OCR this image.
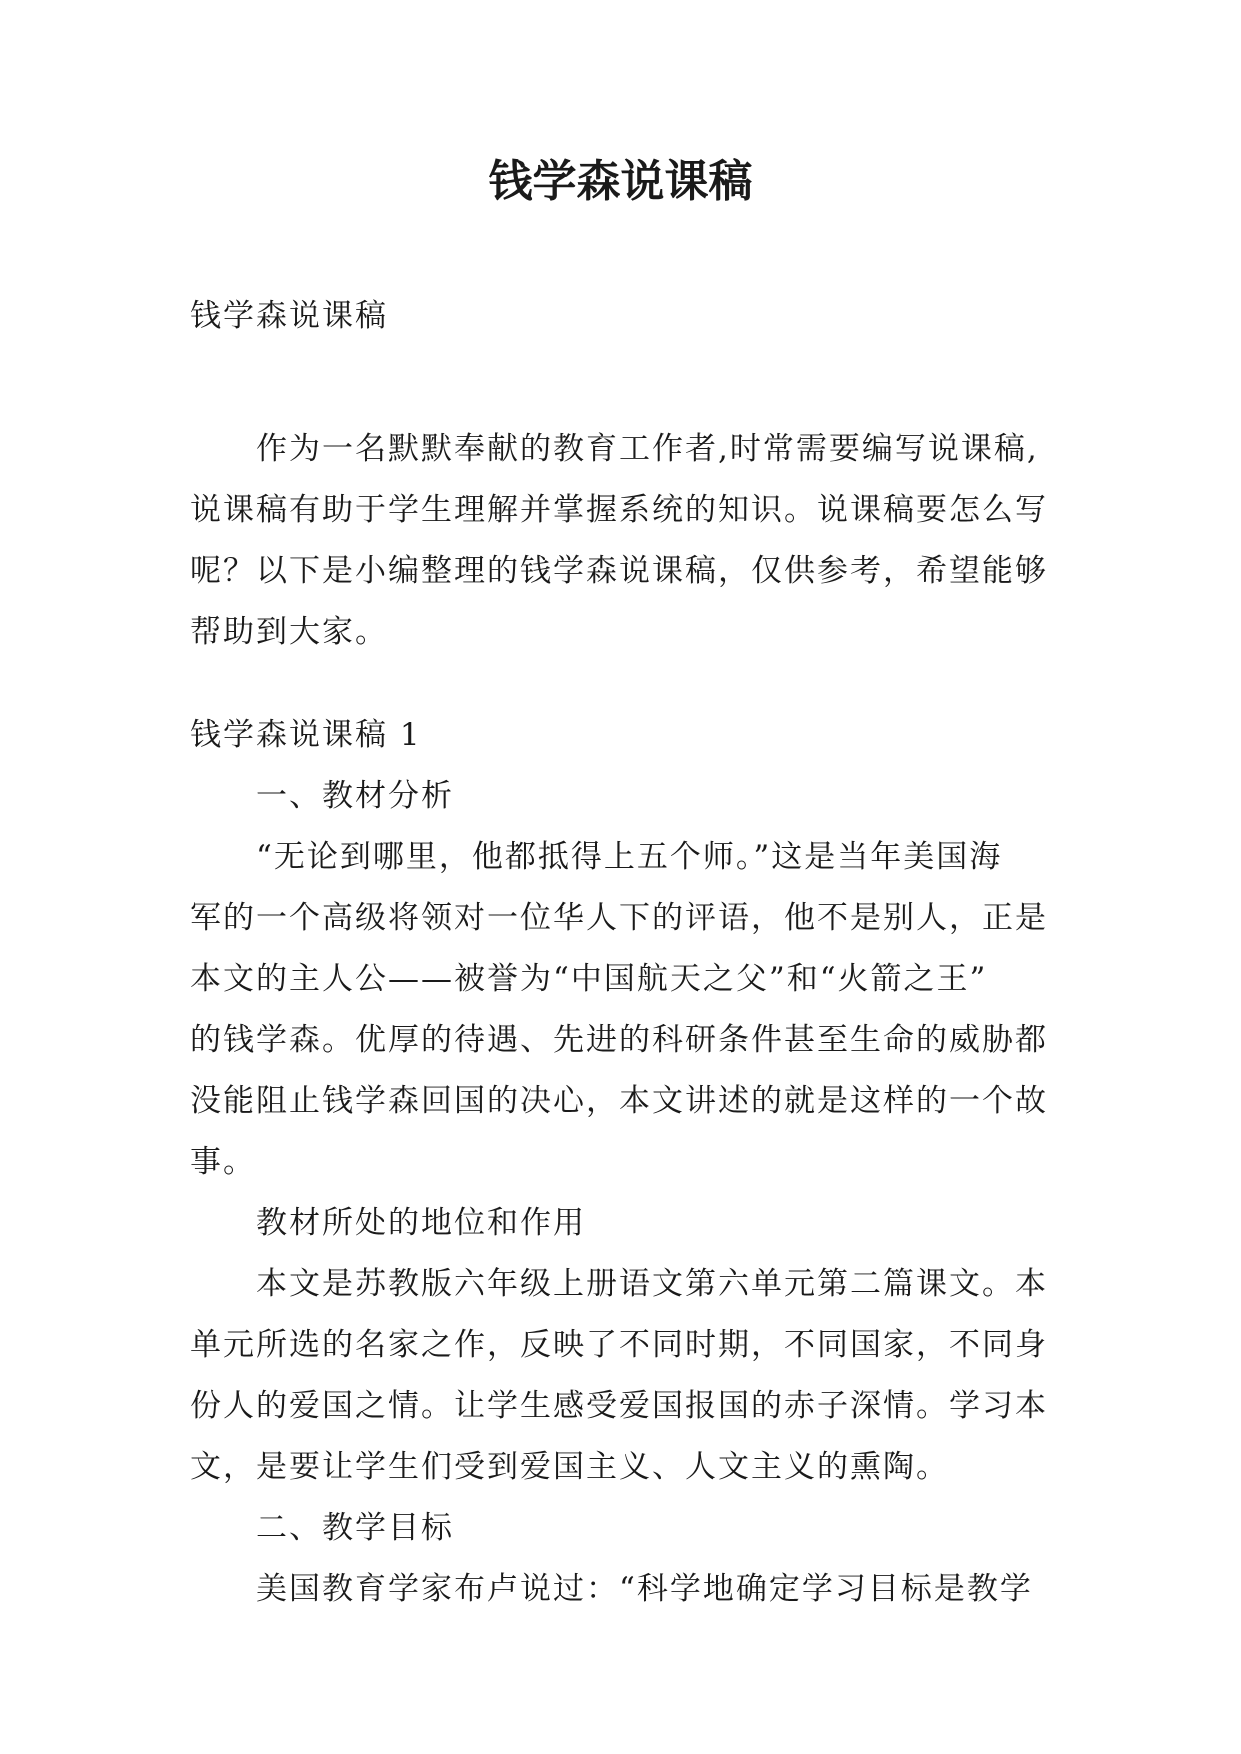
钱学森说课稿
钱学森说课稿
作为一名默默奉献的教育工作者,时常需要编写说课稿,
说课稿有助于学生理解并掌握系统的知识。说课稿要怎么写
呢？以下是小编整理的钱学森说课稿，仅供参考，希望能够
帮助到大家。
钱学森说课稿 1
一、教材分析
“无论到哪里，他都抵得上五个师。”这是当年美国海
军的一个高级将领对一位华人下的评语，他不是别人，正是
本文的主人公——被誉为“中国航天之父”和“火箭之王”
的钱学森。优厚的待遇、先进的科研条件甚至生命的威胁都
没能阻止钱学森回国的决心，本文讲述的就是这样的一个故
事。
教材所处的地位和作用
本文是苏教版六年级上册语文第六单元第二篇课文。本
单元所选的名家之作，反映了不同时期，不同国家，不同身
份人的爱国之情。让学生感受爱国报国的赤子深情。学习本
文，是要让学生们受到爱国主义、人文主义的熏陶。
二、教学目标
美国教育学家布卢说过：“科学地确定学习目标是教学
